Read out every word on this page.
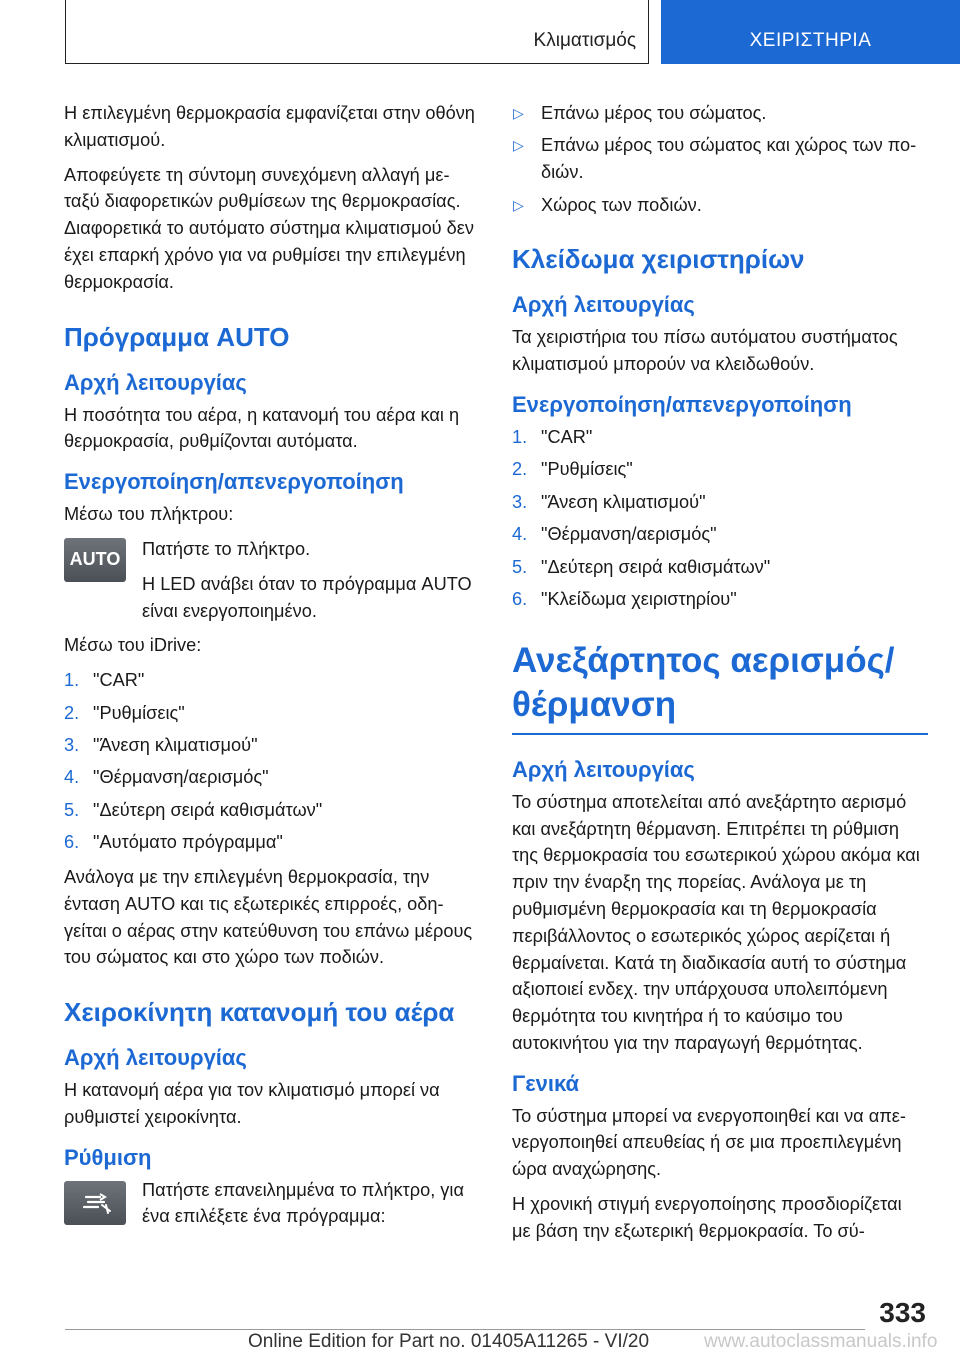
Κλιματισμός	ΧΕΙΡΙΣΤΗΡΙΑ

Η επιλεγμένη θερμοκρασία εμφανίζεται στην οθόνη κλιματισμού.

Αποφεύγετε τη σύντομη συνεχόμενη αλλαγή μεταξύ διαφορετικών ρυθμίσεων της θερμοκρασίας. Διαφορετικά το αυτόματο σύστημα κλιματισμού δεν έχει επαρκή χρόνο για να ρυθμίσει την επιλεγμένη θερμοκρασία.

Πρόγραμμα AUTO
Αρχή λειτουργίας

Η ποσότητα του αέρα, η κατανομή του αέρα και η θερμοκρασία, ρυθμίζονται αυτόματα.

Ενεργοποίηση/απενεργοποίηση

Μέσω του πλήκτρου:

AUTO	Πατήστε το πλήκτρο.

Η LED ανάβει όταν το πρόγραμμα AUTO είναι ενεργοποιημένο.

Μέσω του iDrive:

1. "CAR"
2. "Ρυθμίσεις"
3. "Άνεση κλιματισμού"
4. "Θέρμανση/αερισμός"
5. "Δεύτερη σειρά καθισμάτων"
6. "Αυτόματο πρόγραμμα"

Ανάλογα με την επιλεγμένη θερμοκρασία, την ένταση AUTO και τις εξωτερικές επιρροές, οδηγείται ο αέρας στην κατεύθυνση του επάνω μέρους του σώματος και στο χώρο των ποδιών.

Χειροκίνητη κατανομή του αέρα
Αρχή λειτουργίας

Η κατανομή αέρα για τον κλιματισμό μπορεί να ρυθμιστεί χειροκίνητα.

Ρύθμιση

Πατήστε επανειλημμένα το πλήκτρο, για ένα επιλέξετε ένα πρόγραμμα:

▷ Επάνω μέρος του σώματος.
▷ Επάνω μέρος του σώματος και χώρος των ποδιών.
▷ Χώρος των ποδιών.
Κλείδωμα χειριστηρίων
Αρχή λειτουργίας

Τα χειριστήρια του πίσω αυτόματου συστήματος κλιματισμού μπορούν να κλειδωθούν.

Ενεργοποίηση/απενεργοποίηση
1. "CAR"
2. "Ρυθμίσεις"
3. "Άνεση κλιματισμού"
4. "Θέρμανση/αερισμός"
5. "Δεύτερη σειρά καθισμάτων"
6. "Κλείδωμα χειριστηρίου"
Ανεξάρτητος αερισμός/
θέρμανση
Αρχή λειτουργίας

Το σύστημα αποτελείται από ανεξάρτητο αερισμό και ανεξάρτητη θέρμανση. Επιτρέπει τη ρύθμιση της θερμοκρασία του εσωτερικού χώρου ακόμα και πριν την έναρξη της πορείας. Ανάλογα με τη ρυθμισμένη θερμοκρασία και τη θερμοκρασία περιβάλλοντος ο εσωτερικός χώρος αερίζεται ή θερμαίνεται. Κατά τη διαδικασία αυτή το σύστημα αξιοποιεί ενδεχ. την υπάρχουσα υπολειπόμενη θερμότητα του κινητήρα ή το καύσιμο του αυτοκινήτου για την παραγωγή θερμότητας.

Γενικά

Το σύστημα μπορεί να ενεργοποιηθεί και να απενεργοποιηθεί απευθείας ή σε μια προεπιλεγμένη ώρα αναχώρησης.

Η χρονική στιγμή ενεργοποίησης προσδιορίζεται με βάση την εξωτερική θερμοκρασία. Το σύ-

333
Online Edition for Part no. 01405A11265 - VI/20	www.autoclassmanuals.info
